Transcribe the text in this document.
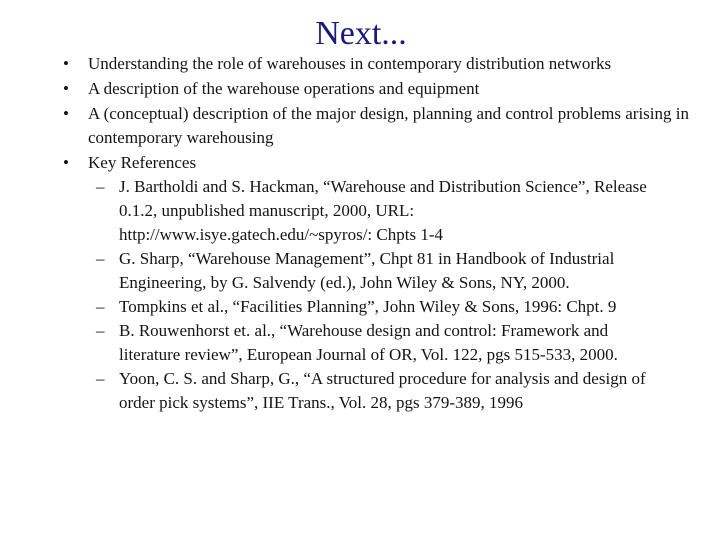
Next...
• Understanding the role of warehouses in contemporary distribution networks
• A description of the warehouse operations and equipment
• A (conceptual) description of the major design, planning and control problems arising in contemporary warehousing
• Key References
– J. Bartholdi and S. Hackman, “Warehouse and Distribution Science”, Release 0.1.2, unpublished manuscript, 2000, URL: http://www.isye.gatech.edu/~spyros/: Chpts 1-4
– G. Sharp, “Warehouse Management”, Chpt 81 in Handbook of Industrial Engineering, by G. Salvendy (ed.), John Wiley & Sons, NY, 2000.
– Tompkins et al., “Facilities Planning”, John Wiley & Sons, 1996: Chpt. 9
– B. Rouwenhorst et. al., “Warehouse design and control: Framework and literature review”, European Journal of OR, Vol. 122, pgs 515-533, 2000.
– Yoon, C. S. and Sharp, G., “A structured procedure for analysis and design of order pick systems”, IIE Trans., Vol. 28, pgs 379-389, 1996
